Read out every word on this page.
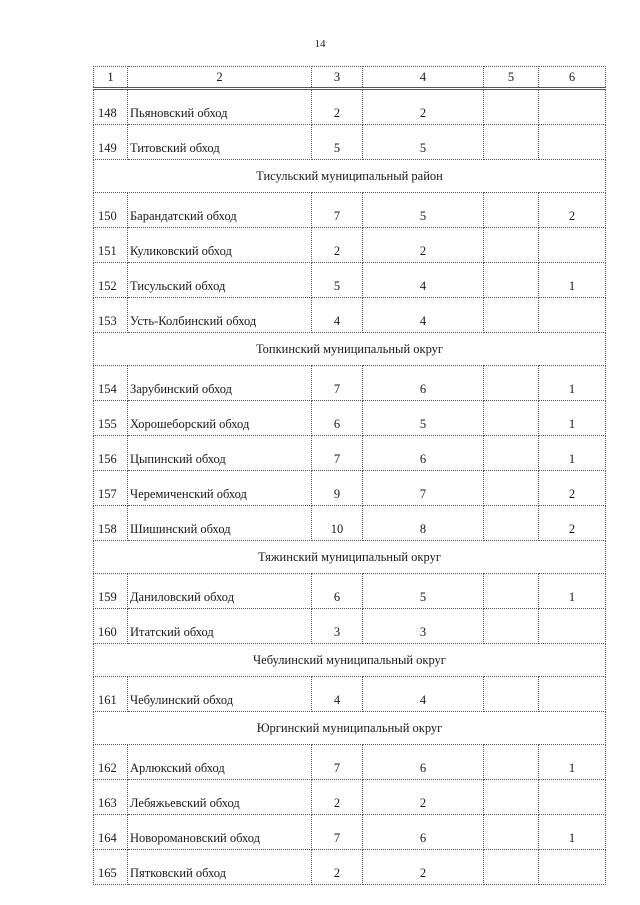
14
1	2	3	4	5	6
148	Пьяновский обход	2	2		
149	Титовский обход	5	5		
Тисульский муниципальный район					
150	Барандатский обход	7	5		2
151	Куликовский обход	2	2		
152	Тисульский обход	5	4		1
153	Усть-Колбинский обход	4	4		
Топкинский муниципальный округ					
154	Зарубинский обход	7	6		1
155	Хорошеборский обход	6	5		1
156	Цыпинский обход	7	6		1
157	Черемиченский обход	9	7		2
158	Шишинский обход	10	8		2
Тяжинский муниципальный округ					
159	Даниловский обход	6	5		1
160	Итатский обход	3	3		
Чебулинский муниципальный округ					
161	Чебулинский обход	4	4		
Юргинский муниципальный округ					
162	Арлюкский обход	7	6		1
163	Лебяжьевский обход	2	2		
164	Новоромановский обход	7	6		1
165	Пятковский обход	2	2		
